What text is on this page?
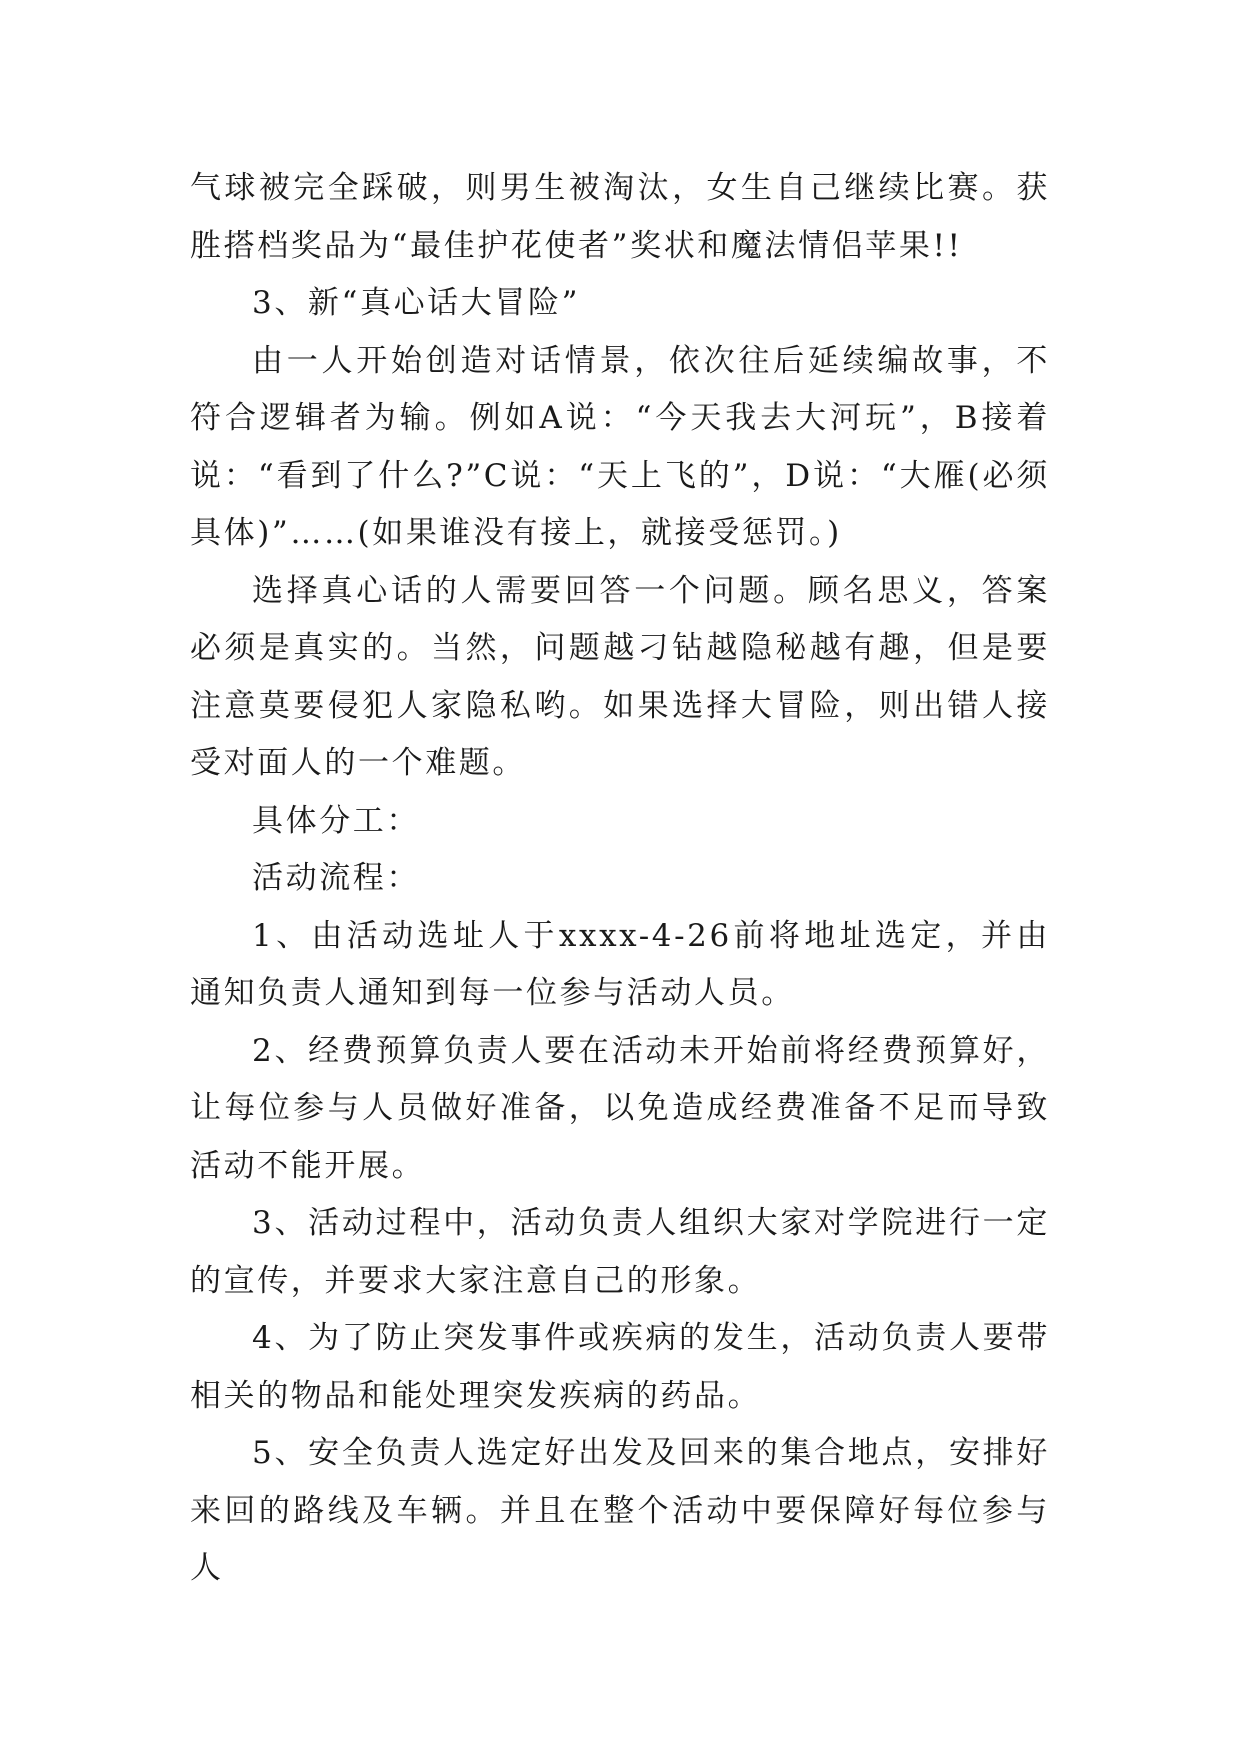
气球被完全踩破，则男生被淘汰，女生自己继续比赛。获胜搭档奖品为“最佳护花使者”奖状和魔法情侣苹果!!

3、新“真心话大冒险”

由一人开始创造对话情景，依次往后延续编故事，不符合逻辑者为输。例如A说：“今天我去大河玩”，B接着说：“看到了什么?”C说：“天上飞的”，D说：“大雁(必须具体)”……(如果谁没有接上，就接受惩罚。)

选择真心话的人需要回答一个问题。顾名思义，答案必须是真实的。当然，问题越刁钻越隐秘越有趣，但是要注意莫要侵犯人家隐私哟。如果选择大冒险，则出错人接受对面人的一个难题。

具体分工：

活动流程：

1、由活动选址人于xxxx-4-26前将地址选定，并由通知负责人通知到每一位参与活动人员。

2、经费预算负责人要在活动未开始前将经费预算好，让每位参与人员做好准备，以免造成经费准备不足而导致活动不能开展。

3、活动过程中，活动负责人组织大家对学院进行一定的宣传，并要求大家注意自己的形象。

4、为了防止突发事件或疾病的发生，活动负责人要带相关的物品和能处理突发疾病的药品。

5、安全负责人选定好出发及回来的集合地点，安排好来回的路线及车辆。并且在整个活动中要保障好每位参与人
